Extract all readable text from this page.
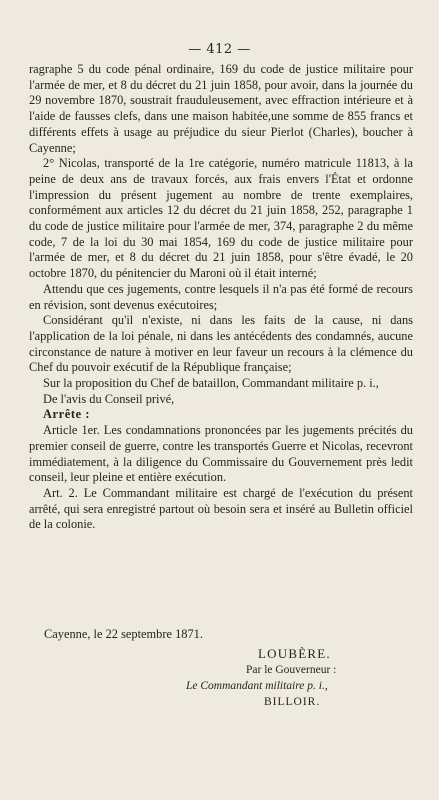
— 412 —

ragraphe 5 du code pénal ordinaire, 169 du code de justice militaire pour l'armée de mer, et 8 du décret du 21 juin 1858, pour avoir, dans la journée du 29 novembre 1870, soustrait frauduleusement, avec effraction intérieure et à l'aide de fausses clefs, dans une maison habitée,une somme de 855 francs et différents effets à usage au préjudice du sieur Pierlot (Charles), boucher à Cayenne;

2° Nicolas, transporté de la 1re catégorie, numéro matricule 11813, à la peine de deux ans de travaux forcés, aux frais envers l'État et ordonne l'impression du présent jugement au nombre de trente exemplaires, conformément aux articles 12 du décret du 21 juin 1858, 252, paragraphe 1 du code de justice militaire pour l'armée de mer, 374, paragraphe 2 du même code, 7 de la loi du 30 mai 1854, 169 du code de justice militaire pour l'armée de mer, et 8 du décret du 21 juin 1858, pour s'être évadé, le 20 octobre 1870, du pénitencier du Maroni où il était interné;

Attendu que ces jugements, contre lesquels il n'a pas été formé de recours en révision, sont devenus exécutoires;

Considérant qu'il n'existe, ni dans les faits de la cause, ni dans l'application de la loi pénale, ni dans les antécédents des condamnés, aucune circonstance de nature à motiver en leur faveur un recours à la clémence du Chef du pouvoir exécutif de la République française;

Sur la proposition du Chef de bataillon, Commandant militaire p. i.,

De l'avis du Conseil privé,

Arrête :

Article 1er. Les condamnations prononcées par les jugements précités du premier conseil de guerre, contre les transportés Guerre et Nicolas, recevront immédiatement, à la diligence du Commissaire du Gouvernement près ledit conseil, leur pleine et entière exécution.

Art. 2. Le Commandant militaire est chargé de l'exécution du présent arrêté, qui sera enregistré partout où besoin sera et inséré au Bulletin officiel de la colonie.

Cayenne, le 22 septembre 1871.
LOUBÈRE.
Par le Gouverneur :
Le Commandant militaire p. i.,
BILLOIR.
